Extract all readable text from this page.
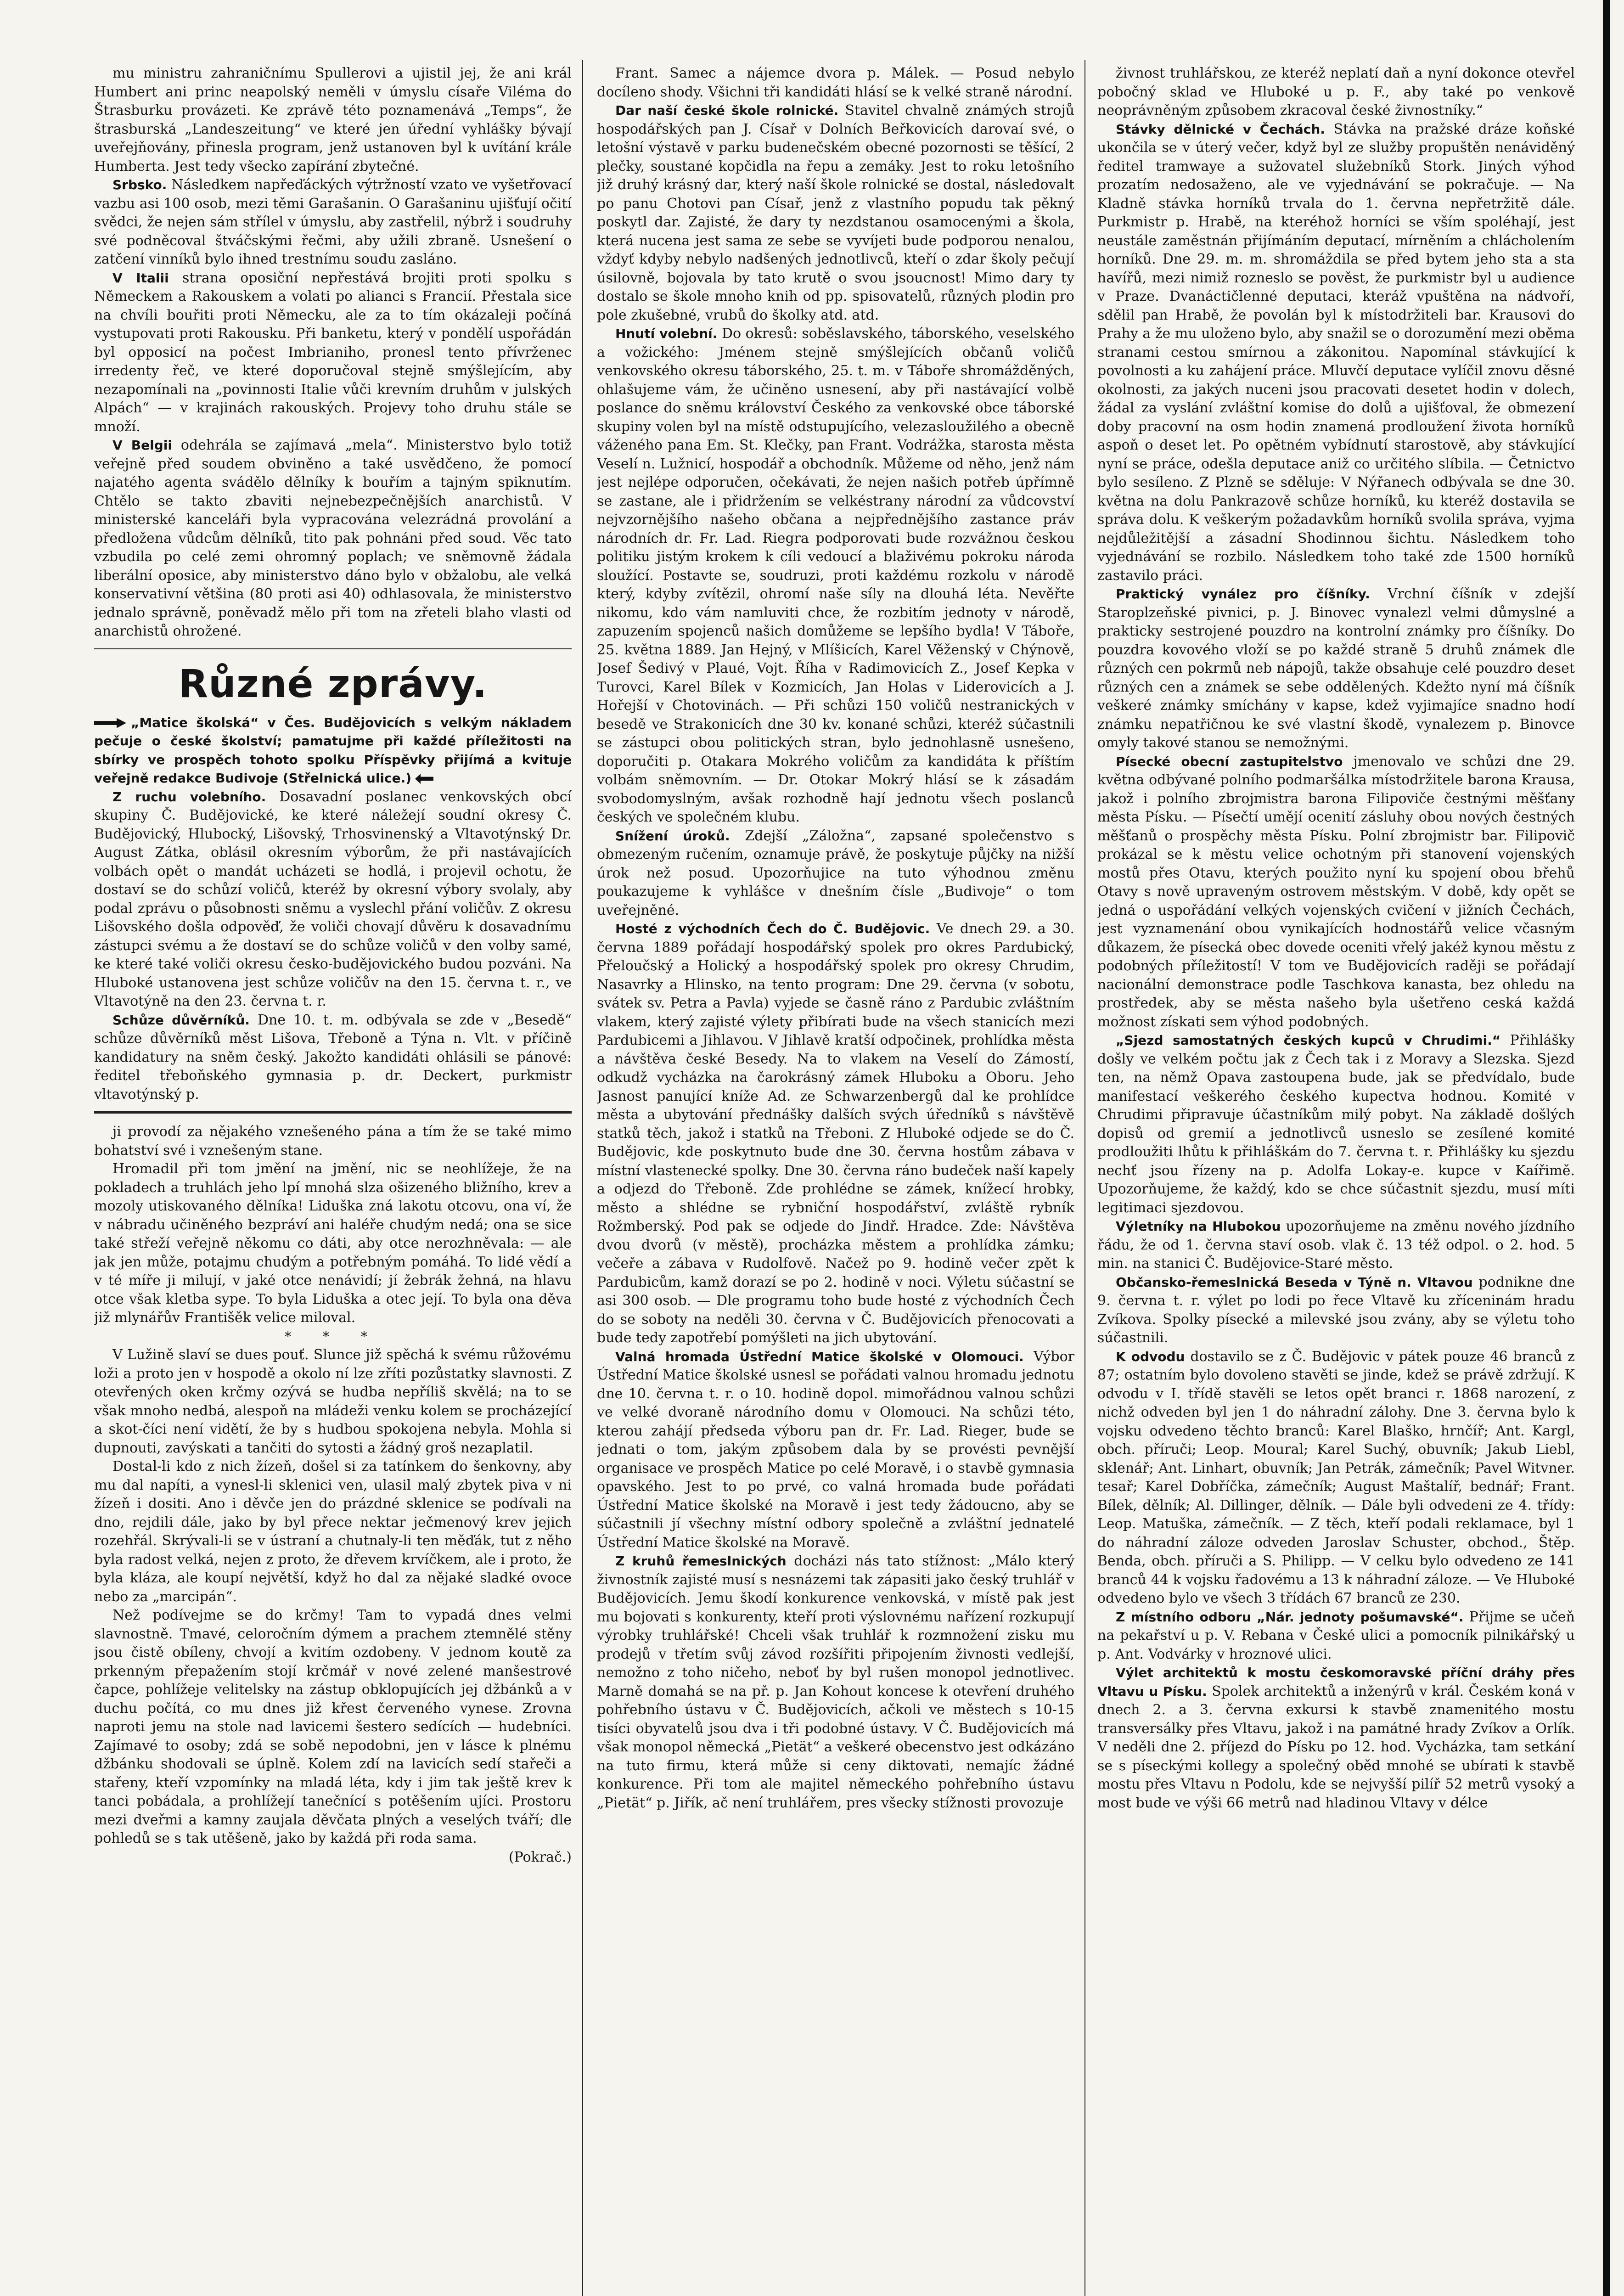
mu ministru zahraničnímu Spullerovi a ujistil jej, že ani král Humbert ani princ neapolský neměli v úmyslu císaře Viléma do Štrasburku provázeti. Ke zprávě této poznamenává „Temps“, že štrasburská „Landeszeitung“ ve které jen úřední vyhlášky bývají uveřejňovány, přinesla program, jenž ustanoven byl k uvítání krále Humberta. Jest tedy všecko zapírání zbytečné.

Srbsko. Následkem napřeďáckých výtržností vzato ve vyšetřovací vazbu asi 100 osob, mezi těmi Garašanin. O Garašaninu ujišťují očití svědci, že nejen sám střílel v úmyslu, aby zastřelil, nýbrž i soudruhy své podněcoval štváčskými řečmi, aby užili zbraně. Usnešení o zatčení vinníků bylo ihned trestnímu soudu zasláno.

V Italii strana oposiční nepřestává brojiti proti spolku s Německem a Rakouskem a volati po alianci s Francií. Přestala sice na chvíli bouřiti proti Německu, ale za to tím okázaleji počíná vystupovati proti Rakousku. Při banketu, který v pondělí uspořádán byl opposicí na počest Imbrianiho, pronesl tento přívrženec irredenty řeč, ve které doporučoval stejně smýšlejícím, aby nezapomínali na „povinnosti Italie vůči krevním druhům v julských Alpách“ — v krajinách rakouských. Projevy toho druhu stále se množí.

V Belgii odehrála se zajímavá „mela“. Ministerstvo bylo totiž veřejně před soudem obviněno a také usvědčeno, že pomocí najatého agenta svádělo dělníky k bouřím a tajným spiknutím. Chtělo se takto zbaviti nejnebezpečnějších anarchistů. V ministerské kanceláři byla vypracována velezrádná provolání a předložena vůdcům dělníků, tito pak pohnáni před soud. Věc tato vzbudila po celé zemi ohromný poplach; ve sněmovně žádala liberální oposice, aby ministerstvo dáno bylo v obžalobu, ale velká konservativní většina (80 proti asi 40) odhlasovala, že ministerstvo jednalo správně, poněvadž mělo při tom na zřeteli blaho vlasti od anarchistů ohrožené.

Různé zprávy.

„Matice školská“ v Čes. Budějovicích s velkým nákladem pečuje o české školství; pamatujme při každé příležitosti na sbírky ve prospěch tohoto spolku Příspěvky přijímá a kvituje veřejně redakce Budivoje (Střelnická ulice.)

Z ruchu volebního. Dosavadní poslanec venkovských obcí skupiny Č. Budějovické, ke které náležejí soudní okresy Č. Budějovický, Hlubocký, Lišovský, Trhosvinenský a Vltavotýnský Dr. August Zátka, oblásil okresním výborům, že při nastávajících volbách opět o mandát ucházeti se hodlá, i projevil ochotu, že dostaví se do schůzí voličů, kteréž by okresní výbory svolaly, aby podal zprávu o působnosti sněmu a vyslechl přání voličův. Z okresu Lišovského došla odpověď, že voliči chovají důvěru k dosavadnímu zástupci svému a že dostaví se do schůze voličů v den volby samé, ke které také voliči okresu česko-budějovického budou pozváni. Na Hluboké ustanovena jest schůze voličův na den 15. června t. r., ve Vltavotýně na den 23. června t. r.

Schůze důvěrníků. Dne 10. t. m. odbývala se zde v „Besedě“ schůze důvěrníků měst Lišova, Třeboně a Týna n. Vlt. v příčině kandidatury na sněm český. Jakožto kandidáti ohlásili se pánové: ředitel třeboňského gymnasia p. dr. Deckert, purkmistr vltavotýnský p.

ji provodí za nějakého vznešeného pána a tím že se také mimo bohatství své i vznešeným stane.

Hromadil při tom jmění na jmění, nic se neohlížeje, že na pokladech a truhlách jeho lpí mnohá slza ošizeného bližního, krev a mozoly utiskovaného dělníka! Liduška zná lakotu otcovu, ona ví, že v nábradu učiněného bezpráví ani haléře chudým nedá; ona se sice také střeží veřejně někomu co dáti, aby otce nerozhněvala: — ale jak jen může, potajmu chudým a potřebným pomáhá. To lidé vědí a v té míře ji milují, v jaké otce nenávidí; jí žebrák žehná, na hlavu otce však kletba sype. To byla Liduška a otec její. To byla ona děva již mlynářův Františěk velice miloval.

* * *

V Lužině slaví se dues pouť. Slunce již spěchá k svému růžovému loži a proto jen v hospodě a okolo ní lze zříti pozůstatky slavnosti. Z otevřených oken krčmy ozývá se hudba nepříliš skvělá; na to se však mnoho nedbá, alespoň na mládeži venku kolem se procházející a skot-číci není vidětí, že by s hudbou spokojena nebyla. Mohla si dupnouti, zavýskati a tančiti do sytosti a žádný groš nezaplatil.

Dostal-li kdo z nich žízeň, došel si za tatínkem do šenkovny, aby mu dal napíti, a vynesl-li sklenici ven, ulasil malý zbytek piva v ni žízeň i dositi. Ano i děvče jen do prázdné sklenice se podívali na dno, rejdili dále, jako by byl přece nektar ječmenový krev jejich rozehřál. Skrývali-li se v ústraní a chutnaly-li ten měďák, tut z něho byla radost velká, nejen z proto, že dřevem krvíčkem, ale i proto, že byla kláza, ale koupí největší, když ho dal za nějaké sladké ovoce nebo za „marcipán“.

Než podívejme se do krčmy! Tam to vypadá dnes velmi slavnostně. Tmavé, celoročním dýmem a prachem ztemnělé stěny jsou čistě obíleny, chvojí a kvitím ozdobeny. V jednom koutě za prkenným přepažením stojí krčmář v nové zelené manšestrové čapce, pohlížeje velitelsky na zástup obklopujících jej džbánků a v duchu počítá, co mu dnes již křest červeného vynese. Zrovna naproti jemu na stole nad lavicemi šestero sedících — hudebníci. Zajímavé to osoby; zdá se sobě nepodobni, jen v lásce k plnému džbánku shodovali se úplně. Kolem zdí na lavicích sedí stařeči a stařeny, kteří vzpomínky na mladá léta, kdy i jim tak ještě krev k tanci pobádala, a prohlížejí tanečnící s potěšením ujíci. Prostoru mezi dveřmi a kamny zaujala děvčata plných a veselých tváří; dle pohledů se s tak utěšeně, jako by každá při roda sama.

(Pokrač.)

Frant. Samec a nájemce dvora p. Málek. — Posud nebylo docíleno shody. Všichni tři kandidáti hlásí se k velké straně národní.

Dar naší české škole rolnické. Stavitel chvalně známých strojů hospodářských pan J. Císař v Dolních Beřkovicích darovaí své, o letošní výstavě v parku budenečském obecné pozornosti se těšící, 2 plečky, soustané kopčidla na řepu a zemáky. Jest to roku letošního již druhý krásný dar, který naší škole rolnické se dostal, následovalt po panu Chotovi pan Císař, jenž z vlastního popudu tak pěkný poskytl dar. Zajisté, že dary ty nezdstanou osamocenými a škola, která nucena jest sama ze sebe se vyvíjeti bude podporou nenalou, vždyť kdyby nebylo nadšených jednotlivců, kteří o zdar školy pečují úsilovně, bojovala by tato krutě o svou jsoucnost! Mimo dary ty dostalo se škole mnoho knih od pp. spisovatelů, různých plodin pro pole zkušebné, vrubů do školky atd. atd.

Hnutí volební. Do okresů: soběslavského, táborského, veselského a vožického: Jménem stejně smýšlejících občanů voličů venkovského okresu táborského, 25. t. m. v Táboře shromážděných, ohlašujeme vám, že učiněno usnesení, aby při nastávající volbě poslance do sněmu království Českého za venkovské obce táborské skupiny volen byl na místě odstupujícího, velezasloužilého a obecně váženého pana Em. St. Klečky, pan Frant. Vodrážka, starosta města Veselí n. Lužnicí, hospodář a obchodník. Můžeme od něho, jenž nám jest nejlépe odporučen, očekávati, že nejen našich potřeb úpřímně se zastane, ale i přidržením se velkéstrany národní za vůdcovství nejvzornějšího našeho občana a nejpřednějšího zastance práv národních dr. Fr. Lad. Riegra podporovati bude rozvážnou českou politiku jistým krokem k cíli vedoucí a blaživému pokroku národa sloužící. Postavte se, soudruzi, proti každému rozkolu v národě který, kdyby zvítězil, ohromí naše síly na dlouhá léta. Nevěřte nikomu, kdo vám namluviti chce, že rozbitím jednoty v národě, zapuzením spojenců našich domůžeme se lepšího bydla! V Táboře, 25. května 1889. Jan Hejný, v Mlíšicích, Karel Věženský v Chýnově, Josef Šedivý v Plaué, Vojt. Říha v Radimovicích Z., Josef Kepka v Turovci, Karel Bílek v Kozmicích, Jan Holas v Liderovicích a J. Hořejší v Chotovinách. — Při schůzi 150 voličů nestranických v besedě ve Strakonicích dne 30 kv. konané schůzi, kteréž súčastnili se zástupci obou politických stran, bylo jednohlasně usnešeno, doporučiti p. Otakara Mokrého voličům za kandidáta k příštím volbám sněmovním. — Dr. Otokar Mokrý hlásí se k zásadám svobodomyslným, avšak rozhodně hají jednotu všech poslanců českých ve společném klubu.

Snížení úroků. Zdejší „Záložna“, zapsané společenstvo s obmezeným ručením, oznamuje právě, že poskytuje půjčky na nižší úrok než posud. Upozorňujice na tuto výhodnou změnu poukazujeme k vyhlášce v dnešním čísle „Budivoje“ o tom uveřejněné.

Hosté z východních Čech do Č. Budějovic. Ve dnech 29. a 30. června 1889 pořádají hospodářský spolek pro okres Pardubický, Přeloučský a Holický a hospodářský spolek pro okresy Chrudim, Nasavrky a Hlinsko, na tento program: Dne 29. června (v sobotu, svátek sv. Petra a Pavla) vyjede se časně ráno z Pardubic zvláštním vlakem, který zajisté výlety přibírati bude na všech stanicích mezi Pardubicemi a Jihlavou. V Jihlavě kratší odpočinek, prohlídka města a návštěva české Besedy. Na to vlakem na Veselí do Zámostí, odkudž vycházka na čarokrásný zámek Hluboku a Oboru. Jeho Jasnost panující kníže Ad. ze Schwarzenbergů dal ke prohlídce města a ubytování přednášky dalších svých úředníků s návštěvě statků těch, jakož i statků na Třeboni. Z Hluboké odjede se do Č. Budějovic, kde poskytnuto bude dne 30. června hostům zábava v místní vlastenecké spolky. Dne 30. června ráno budeček naší kapely a odjezd do Třeboně. Zde prohlédne se zámek, knížecí hrobky, město a shlédne se rybniční hospodářství, zvláště rybník Rožmberský. Pod pak se odjede do Jindř. Hradce. Zde: Návštěva dvou dvorů (v městě), procházka městem a prohlídka zámku; večeře a zábava v Rudolfově. Načež po 9. hodině večer zpět k Pardubicům, kamž dorazí se po 2. hodině v noci. Výletu súčastní se asi 300 osob. — Dle programu toho bude hosté z východních Čech do se soboty na neděli 30. června v Č. Budějovicích přenocovati a bude tedy zapotřebí pomýšleti na jich ubytování.

Valná hromada Ústřední Matice školské v Olomouci. Výbor Ústřední Matice školské usnesl se pořádati valnou hromadu jednotu dne 10. června t. r. o 10. hodině dopol. mimořádnou valnou schůzi ve velké dvoraně národního domu v Olomouci. Na schůzi této, kterou zahájí předseda výboru pan dr. Fr. Lad. Rieger, bude se jednati o tom, jakým způsobem dala by se provésti pevnější organisace ve prospěch Matice po celé Moravě, i o stavbě gymnasia opavského. Jest to po prvé, co valná hromada bude pořádati Ústřední Matice školské na Moravě i jest tedy žádoucno, aby se súčastnili jí všechny místní odbory společně a zvláštní jednatelé Ústřední Matice školské na Moravě.

Z kruhů řemeslnických docházi nás tato stížnost: „Málo který živnostník zajisté musí s nesnázemi tak zápasiti jako český truhlář v Budějovicích. Jemu škodí konkurence venkovská, v místě pak jest mu bojovati s konkurenty, kteří proti výslovnému nařízení rozkupují výrobky truhlářské! Chceli však truhlář k rozmnožení zisku mu prodejů v třetím svůj závod rozšířiti připojením živnosti vedlejší, nemožno z toho ničeho, neboť by byl rušen monopol jednotlivec. Marně domahá se na př. p. Jan Kohout koncese k otevření druhého pohřebního ústavu v Č. Budějovicích, ačkoli ve městech s 10-15 tisíci obyvatelů jsou dva i tři podobné ústavy. V Č. Budějovicích má však monopol německá „Pietät“ a veškeré obecenstvo jest odkázáno na tuto firmu, která může si ceny diktovati, nemajíc žádné konkurence. Při tom ale majitel německého pohřebního ústavu „Pietät“ p. Jiřík, ač není truhlářem, pres všecky stížnosti provozuje

živnost truhlářskou, ze kteréž neplatí daň a nyní dokonce otevřel pobočný sklad ve Hluboké u p. F., aby také po venkově neoprávněným způsobem zkracoval české živnostníky.“

Stávky dělnické v Čechách. Stávka na pražské dráze koňské ukončila se v úterý večer, když byl ze služby propuštěn nenáviděný ředitel tramwaye a sužovatel služebníků Stork. Jiných výhod prozatím nedosaženo, ale ve vyjednávání se pokračuje. — Na Kladně stávka horníků trvala do 1. června nepřetržitě dále. Purkmistr p. Hrabě, na kteréhož horníci se vším spoléhají, jest neustále zaměstnán přijímáním deputací, mírněním a chlácholením horníků. Dne 29. m. m. shromáždila se před bytem jeho sta a sta havířů, mezi nimiž rozneslo se pověst, že purkmistr byl u audience v Praze. Dvanáctičlenné deputaci, kteráž vpuštěna na nádvoří, sdělil pan Hrabě, že povolán byl k místodržiteli bar. Krausovi do Prahy a že mu uloženo bylo, aby snažil se o dorozumění mezi oběma stranami cestou smírnou a zákonitou. Napomínal stávkující k povolnosti a ku zahájení práce. Mluvčí deputace vylíčil znovu děsné okolnosti, za jakých nuceni jsou pracovati desetet hodin v dolech, žádal za vyslání zvláštní komise do dolů a ujišťoval, že obmezení doby pracovní na osm hodin znamená prodloužení života horníků aspoň o deset let. Po opětném vybídnutí starostově, aby stávkující nyní se práce, odešla deputace aniž co určitého slíbila. — Četnictvo bylo sesíleno. Z Plzně se sděluje: V Nýřanech odbývala se dne 30. května na dolu Pankrazově schůze horníků, ku kteréž dostavila se správa dolu. K veškerým požadavkům horníků svolila správa, vyjma nejdůležitější a zásadní Shodinnou šichtu. Následkem toho vyjednávání se rozbilo. Následkem toho také zde 1500 horníků zastavilo práci.

Praktický vynález pro číšníky. Vrchní číšník v zdejší Staroplzeňské pivnici, p. J. Binovec vynalezl velmi důmyslné a prakticky sestrojené pouzdro na kontrolní známky pro číšníky. Do pouzdra kovového vloží se po každé straně 5 druhů známek dle různých cen pokrmů neb nápojů, takže obsahuje celé pouzdro deset různých cen a známek se sebe oddělených. Kdežto nyní má číšník veškeré známky smíchány v kapse, kdež vyjimajíce snadno hodí známku nepatřičnou ke své vlastní škodě, vynalezem p. Binovce omyly takové stanou se nemožnými.

Písecké obecní zastupitelstvo jmenovalo ve schůzi dne 29. května odbývané polního podmaršálka místodržitele barona Krausa, jakož i polního zbrojmistra barona Filipoviče čestnými měšťany města Písku. — Písečtí umějí ocenití zásluhy obou nových čestných měšťanů o prospěchy města Písku. Polní zbrojmistr bar. Filipovič prokázal se k městu velice ochotným při stanovení vojenských mostů přes Otavu, kterých použito nyní ku spojení obou břehů Otavy s nově upraveným ostrovem městským. V době, kdy opět se jedná o uspořádání velkých vojenských cvičení v jižních Čechách, jest vyznamenání obou vynikajících hodnostářů velice včasným důkazem, že písecká obec dovede oceniti vřelý jakéž kynou městu z podobných příležitostí! V tom ve Budějovicích raději se pořádají nacionální demonstrace podle Taschkova kanasta, bez ohledu na prostředek, aby se města našeho byla ušetřeno ceská každá možnost získati sem výhod podobných.

„Sjezd samostatných českých kupců v Chrudimi.“ Přihlášky došly ve velkém počtu jak z Čech tak i z Moravy a Slezska. Sjezd ten, na němž Opava zastoupena bude, jak se předvídalo, bude manifestací veškerého českého kupectva hodnou. Komité v Chrudimi připravuje účastníkům milý pobyt. Na základě došlých dopisů od gremií a jednotlivců usneslo se zesílené komité prodloužiti lhůtu k přihláškám do 7. června t. r. Přihlášky ku sjezdu nechť jsou řízeny na p. Adolfa Lokay-e. kupce v Kaířimě. Upozorňujeme, že každý, kdo se chce súčastnit sjezdu, musí míti legitimaci sjezdovou.

Výletníky na Hlubokou upozorňujeme na změnu nového jízdního řádu, že od 1. června staví osob. vlak č. 13 též odpol. o 2. hod. 5 min. na stanici Č. Budějovice-Staré město.

Občansko-řemeslnická Beseda v Týně n. Vltavou podnikne dne 9. června t. r. výlet po lodi po řece Vltavě ku zříceninám hradu Zvíkova. Spolky písecké a milevské jsou zvány, aby se výletu toho súčastnili.

K odvodu dostavilo se z Č. Budějovic v pátek pouze 46 branců z 87; ostatním bylo dovoleno stavěti se jinde, kdež se právě zdržují. K odvodu v I. třídě stavěli se letos opět branci r. 1868 narození, z nichž odveden byl jen 1 do náhradní zálohy. Dne 3. června bylo k vojsku odvedeno těchto branců: Karel Blaško, hrnčíř; Ant. Kargl, obch. příruči; Leop. Moural; Karel Suchý, obuvník; Jakub Liebl, sklenář; Ant. Linhart, obuvník; Jan Petrák, zámečník; Pavel Witvner. tesař; Karel Dobříčka, zámečník; August Maštalíř, bednář; Frant. Bílek, dělník; Al. Dillinger, dělník. — Dále byli odvedeni ze 4. třídy: Leop. Matuška, zámečník. — Z těch, kteří podali reklamace, byl 1 do náhradní záloze odveden Jaroslav Schuster, obchod., Štěp. Benda, obch. příruči a S. Philipp. — V celku bylo odvedeno ze 141 branců 44 k vojsku řadovému a 13 k náhradní záloze. — Ve Hluboké odvedeno bylo ve všech 3 třídách 67 branců ze 230.

Z místního odboru „Nár. jednoty pošumavské“. Přijme se učeň na pekařství u p. V. Rebana v České ulici a pomocník pilnikářský u p. Ant. Vodvárky v hroznové ulici.

Výlet architektů k mostu českomoravské příční dráhy přes Vltavu u Písku. Spolek architektů a inženýrů v král. Českém koná v dnech 2. a 3. června exkursi k stavbě znamenitého mostu transversálky přes Vltavu, jakož i na památné hrady Zvíkov a Orlík. V neděli dne 2. příjezd do Písku po 12. hod. Vycházka, tam setkání se s píseckými kollegy a společný oběd mnohé se ubírati k stavbě mostu přes Vltavu n Podolu, kde se nejvyšší pilíř 52 metrů vysoký a most bude ve výši 66 metrů nad hladinou Vltavy v délce
